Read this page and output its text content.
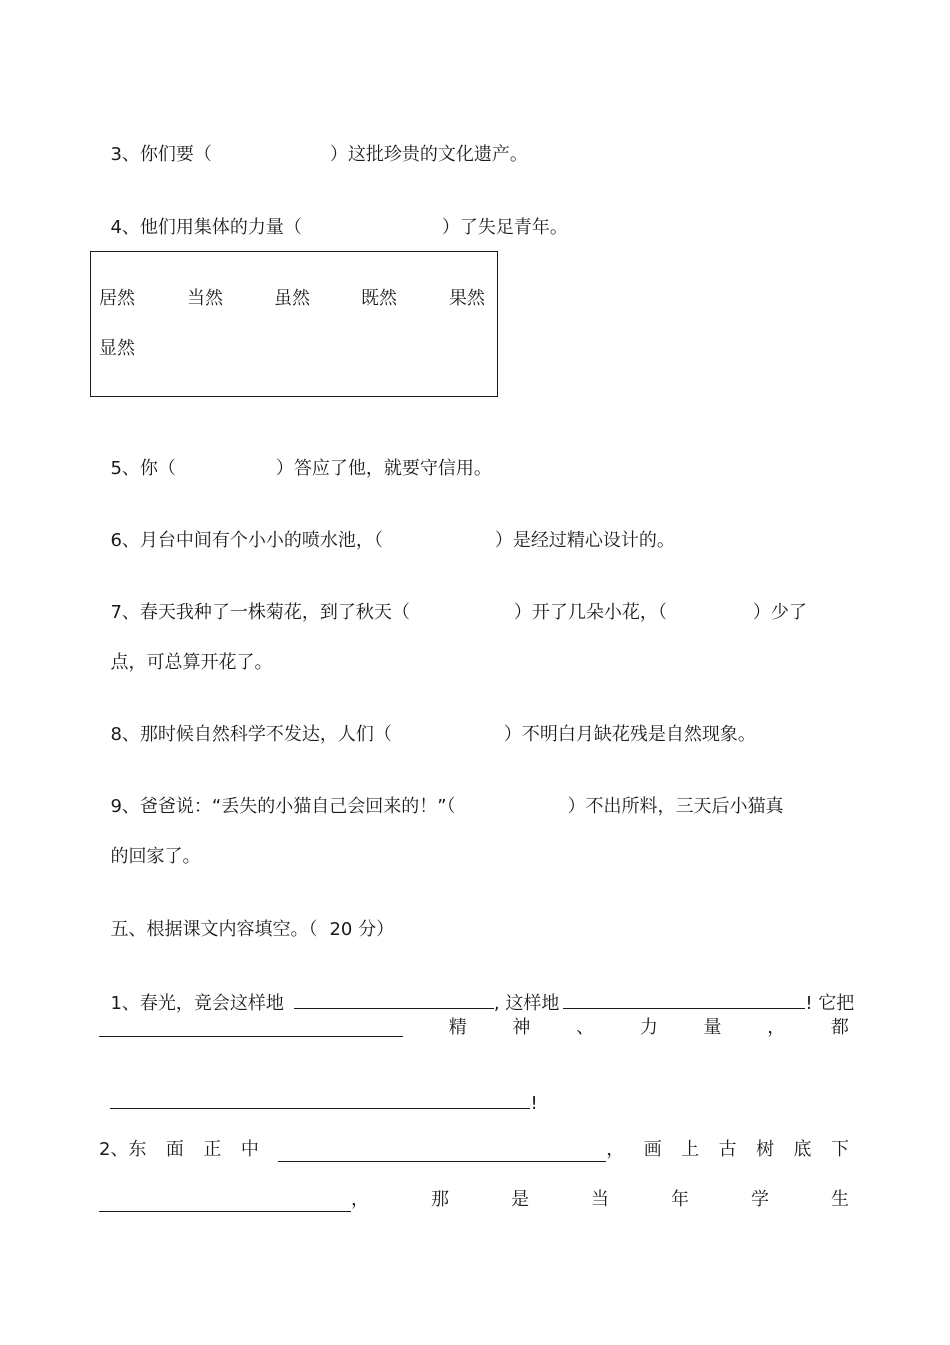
3、你们要（	）这批珍贵的文化遗产。

4、他们用集体的力量（	）了失足青年。

居然	当然	虽然	既然	果然
显然

5、你（	）答应了他，就要守信用。

6、月台中间有个小小的喷水池，（	）是经过精心设计的。

7、春天我种了一株菊花，到了秋天（	）开了几朵小花，（	）少了

点，可总算开花了。

8、那时候自然科学不发达，人们（	）不明白月缺花残是自然现象。

9、爸爸说：“丢失的小猫自己会回来的！”（	）不出所料，三天后小猫真

的回家了。

五、根据课文内容填空。（ 20 分）

1、春光，竟会这样地	, 这样地	! 它把

精	神	、	力	量	，	都

!

2、东 面 正 中	， 画 上 古 树 底 下
，	那	是	当	年	学	生
